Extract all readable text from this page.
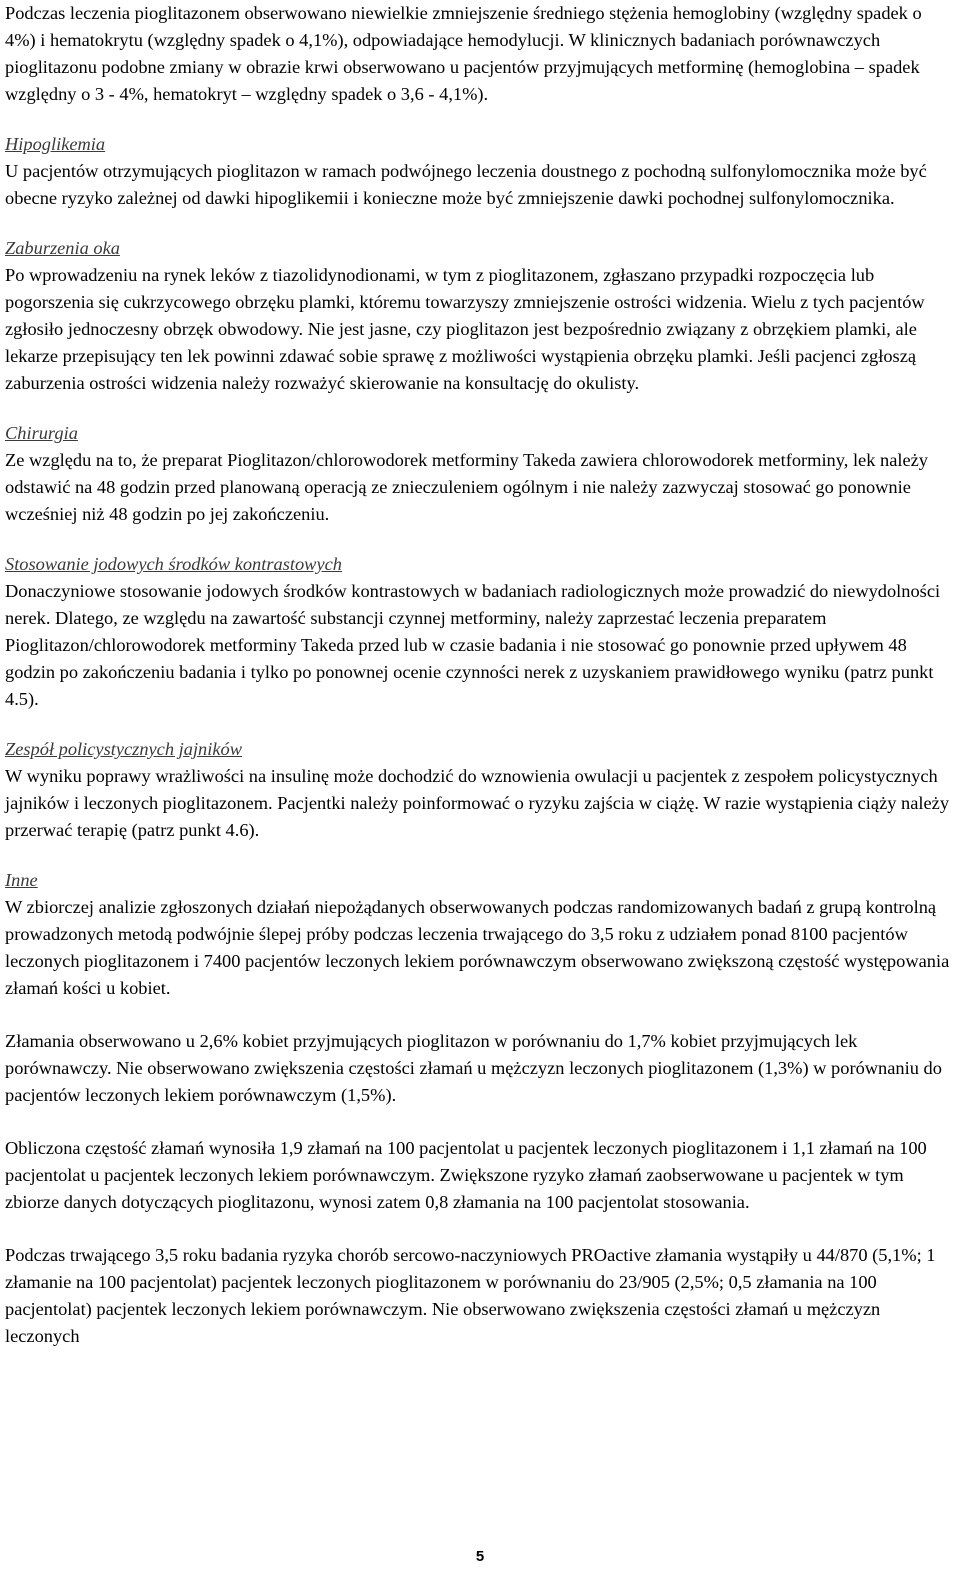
Podczas leczenia pioglitazonem obserwowano niewielkie zmniejszenie średniego stężenia hemoglobiny (względny spadek o 4%) i hematokrytu (względny spadek o 4,1%), odpowiadające hemodylucji. W klinicznych badaniach porównawczych pioglitazonu podobne zmiany w obrazie krwi obserwowano u pacjentów przyjmujących metforminę (hemoglobina – spadek względny o 3 - 4%, hematokryt – względny spadek o 3,6 - 4,1%).

Hipoglikemia

U pacjentów otrzymujących pioglitazon w ramach podwójnego leczenia doustnego z pochodną sulfonylomocznika może być obecne ryzyko zależnej od dawki hipoglikemii i konieczne może być zmniejszenie dawki pochodnej sulfonylomocznika.

Zaburzenia oka

Po wprowadzeniu na rynek leków z tiazolidynodionami, w tym z pioglitazonem, zgłaszano przypadki rozpoczęcia lub pogorszenia się cukrzycowego obrzęku plamki, któremu towarzyszy zmniejszenie ostrości widzenia. Wielu z tych pacjentów zgłosiło jednoczesny obrzęk obwodowy. Nie jest jasne, czy pioglitazon jest bezpośrednio związany z obrzękiem plamki, ale lekarze przepisujący ten lek powinni zdawać sobie sprawę z możliwości wystąpienia obrzęku plamki. Jeśli pacjenci zgłoszą zaburzenia ostrości widzenia należy rozważyć skierowanie na konsultację do okulisty.

Chirurgia

Ze względu na to, że preparat Pioglitazon/chlorowodorek metforminy Takeda zawiera chlorowodorek metforminy, lek należy odstawić na 48 godzin przed planowaną operacją ze znieczuleniem ogólnym i nie należy zazwyczaj stosować go ponownie wcześniej niż 48 godzin po jej zakończeniu.

Stosowanie jodowych środków kontrastowych

Donaczyniowe stosowanie jodowych środków kontrastowych w badaniach radiologicznych może prowadzić do niewydolności nerek. Dlatego, ze względu na zawartość substancji czynnej metforminy, należy zaprzestać leczenia preparatem Pioglitazon/chlorowodorek metforminy Takeda przed lub w czasie badania i nie stosować go ponownie przed upływem 48 godzin po zakończeniu badania i tylko po ponownej ocenie czynności nerek z uzyskaniem prawidłowego wyniku (patrz punkt 4.5).

Zespół policystycznych jajników

W wyniku poprawy wrażliwości na insulinę może dochodzić do wznowienia owulacji u pacjentek z zespołem policystycznych jajników i leczonych pioglitazonem. Pacjentki należy poinformować o ryzyku zajścia w ciążę. W razie wystąpienia ciąży należy przerwać terapię (patrz punkt 4.6).

Inne

W zbiorczej analizie zgłoszonych działań niepożądanych obserwowanych podczas randomizowanych badań z grupą kontrolną prowadzonych metodą podwójnie ślepej próby podczas leczenia trwającego do 3,5 roku z udziałem ponad 8100 pacjentów leczonych pioglitazonem i 7400 pacjentów leczonych lekiem porównawczym obserwowano zwiększoną częstość występowania złamań kości u kobiet.

Złamania obserwowano u 2,6% kobiet przyjmujących pioglitazon w porównaniu do 1,7% kobiet przyjmujących lek porównawczy. Nie obserwowano zwiększenia częstości złamań u mężczyzn leczonych pioglitazonem (1,3%) w porównaniu do pacjentów leczonych lekiem porównawczym (1,5%).

Obliczona częstość złamań wynosiła 1,9 złamań na 100 pacjentolat u pacjentek leczonych pioglitazonem i 1,1 złamań na 100 pacjentolat u pacjentek leczonych lekiem porównawczym. Zwiększone ryzyko złamań zaobserwowane u pacjentek w tym zbiorze danych dotyczących pioglitazonu, wynosi zatem 0,8 złamania na 100 pacjentolat stosowania.

Podczas trwającego 3,5 roku badania ryzyka chorób sercowo-naczyniowych PROactive złamania wystąpiły u 44/870 (5,1%; 1 złamanie na 100 pacjentolat) pacjentek leczonych pioglitazonem w porównaniu do 23/905 (2,5%; 0,5 złamania na 100 pacjentolat) pacjentek leczonych lekiem porównawczym. Nie obserwowano zwiększenia częstości złamań u mężczyzn leczonych

5
